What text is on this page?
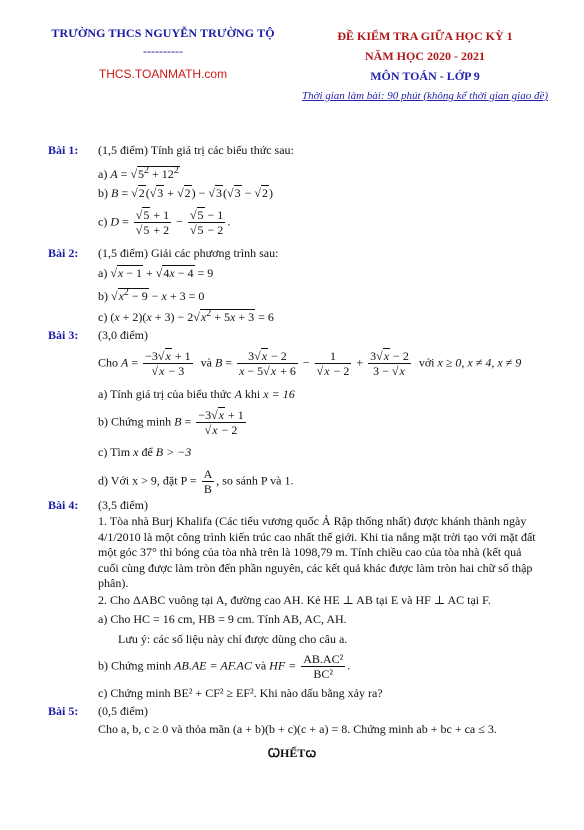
TRƯỜNG THCS NGUYỄN TRƯỜNG TỘ
----------
THCS.TOANMATH.com
ĐỀ KIỂM TRA GIỮA HỌC KỲ 1
NĂM HỌC 2020 - 2021
MÔN TOÁN - LỚP 9
Thời gian làm bài: 90 phút (không kể thời gian giao đề)
Bài 1: (1,5 điểm) Tính giá trị các biểu thức sau:
a) $A = √5^2 + 12^2$
b) B = √2(√3 + √2) − √3(√3 − √2)
c) $D = \frac{√5 + 1}{√5 + 2} - \frac{√5 - 1}{√5 - 2}$ .
Bài 2: (1,5 điểm) Giải các phương trình sau:
a) √x − 1 + √4x − 4 = 9
b) $√x^2 - 9 - x + 3 = 0$
c) $(x + 2)(x + 3) - 2√x^2 + 5x + 3 = 6$
Bài 3: (3,0 điểm)
Cho $A = \frac{-3√x + 1}{√x - 3}$ và $B = \frac{3√x - 2}{x - 5√x + 6} - \frac{1}{√x - 2} + \frac{3√x - 2}{3 - √x}$ với x ≥ 0, x ≠ 4, x ≠ 9
a) Tính giá trị của biểu thức A khi x = 16
b) Chứng minh $B = \frac{-3√x + 1}{√x - 2}$
c) Tìm x để B > −3
d) Với x > 9, đặt $P = \frac{A}{B}$ , so sánh P và 1.
Bài 4: (3,5 điểm)
1. Tòa nhà Burj Khalifa (Các tiểu vương quốc Ả Rập thống nhất) được khánh thành ngày 4/1/2010 là một công trình kiến trúc cao nhất thế giới. Khi tia nắng mặt trời tạo với mặt đất một góc 37° thì bóng của tòa nhà trên là 1098,79 m. Tính chiều cao của tòa nhà (kết quả cuối cùng được làm tròn đến phần nguyên, các kết quả khác được làm tròn hai chữ số thập phân).
2. Cho ΔABC vuông tại A, đường cao AH. Kẻ HE ⊥ AB tại E và HF ⊥ AC tại F.
a) Cho HC = 16 cm, HB = 9 cm. Tính AB, AC, AH.
Lưu ý: các số liệu này chỉ được dùng cho câu a.
b) Chứng minh AB.AE = AF.AC và HF = $\frac{\text{AB.AC²}}{\text{BC²}}$ .
c) Chứng minh BE² + CF² ≥ EF². Khi nào dấu bằng xảy ra?
Bài 5: (0,5 điểm)
Cho a, b, c ≥ 0 và thỏa mãn (a + b)(b + c)(c + a) = 8. Chứng minh ab + bc + ca ≤ 3.
ꞶHẾTꞷ
